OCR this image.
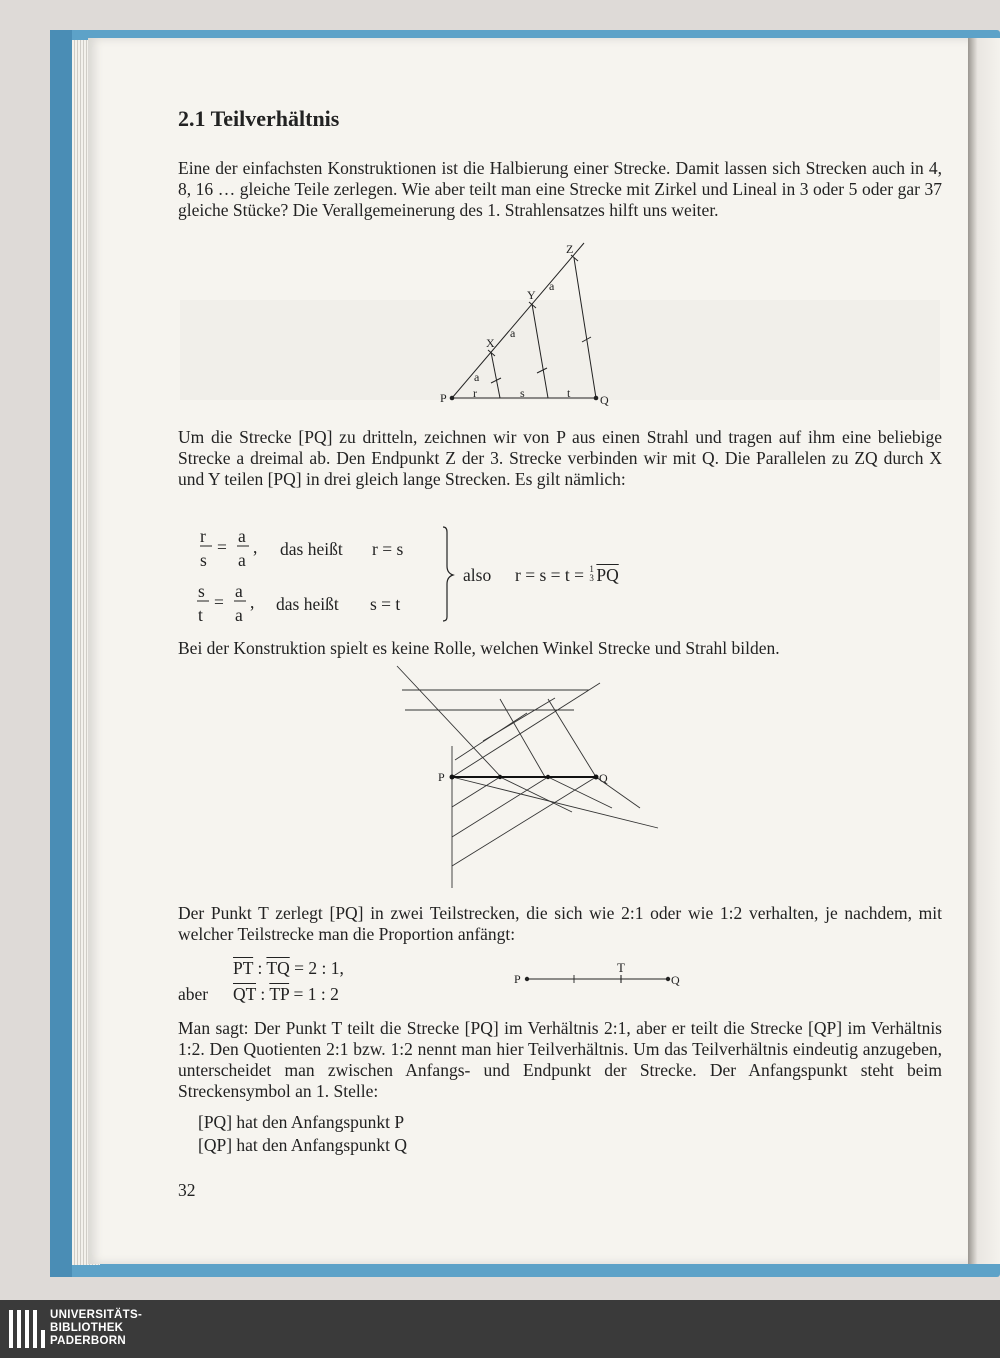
2.1 Teilverhältnis
Eine der einfachsten Konstruktionen ist die Halbierung einer Strecke. Damit lassen sich Strecken auch in 4, 8, 16 … gleiche Teile zerlegen. Wie aber teilt man eine Strecke mit Zirkel und Lineal in 3 oder 5 oder gar 37 gleiche Stücke? Die Verallgemeinerung des 1. Strahlensatzes hilft uns weiter.
Um die Strecke [PQ] zu dritteln, zeichnen wir von P aus einen Strahl und tragen auf ihm eine beliebige Strecke a dreimal ab. Den Endpunkt Z der 3. Strecke verbinden wir mit Q. Die Parallelen zu ZQ durch X und Y teilen [PQ] in drei gleich lange Strecken. Es gilt nämlich:
r
s
=
a
a
, das heißt r = s
s
t
=
a
a
, das heißt s = t
also r = s = t = 1
3 $\overline{PQ}$
Bei der Konstruktion spielt es keine Rolle, welchen Winkel Strecke und Strahl bilden.
Der Punkt T zerlegt [PQ] in zwei Teilstrecken, die sich wie 2:1 oder wie 1:2 verhalten, je nachdem, mit welcher Teilstrecke man die Proportion anfängt:
$\overline{PT}$ : $\overline{TQ} = 2$ : 1,
aber $\overline{QT}$ : $\overline{TP} = 1$ : 2
Man sagt: Der Punkt T teilt die Strecke [PQ] im Verhältnis 2:1, aber er teilt die Strecke [QP] im Verhältnis 1:2. Den Quotienten 2:1 bzw. 1:2 nennt man hier Teilverhältnis. Um das Teilverhältnis eindeutig anzugeben, unterscheidet man zwischen Anfangs- und Endpunkt der Strecke. Der Anfangspunkt steht beim Streckensymbol an 1. Stelle:
[PQ] hat den Anfangspunkt P
[QP] hat den Anfangspunkt Q
32
P	Q
X
Y
Z
a
a
a
r	s	t
P	Q
P	Q
T
UNIVERSITÄTS-
BIBLIOTHEK
PADERBORN
